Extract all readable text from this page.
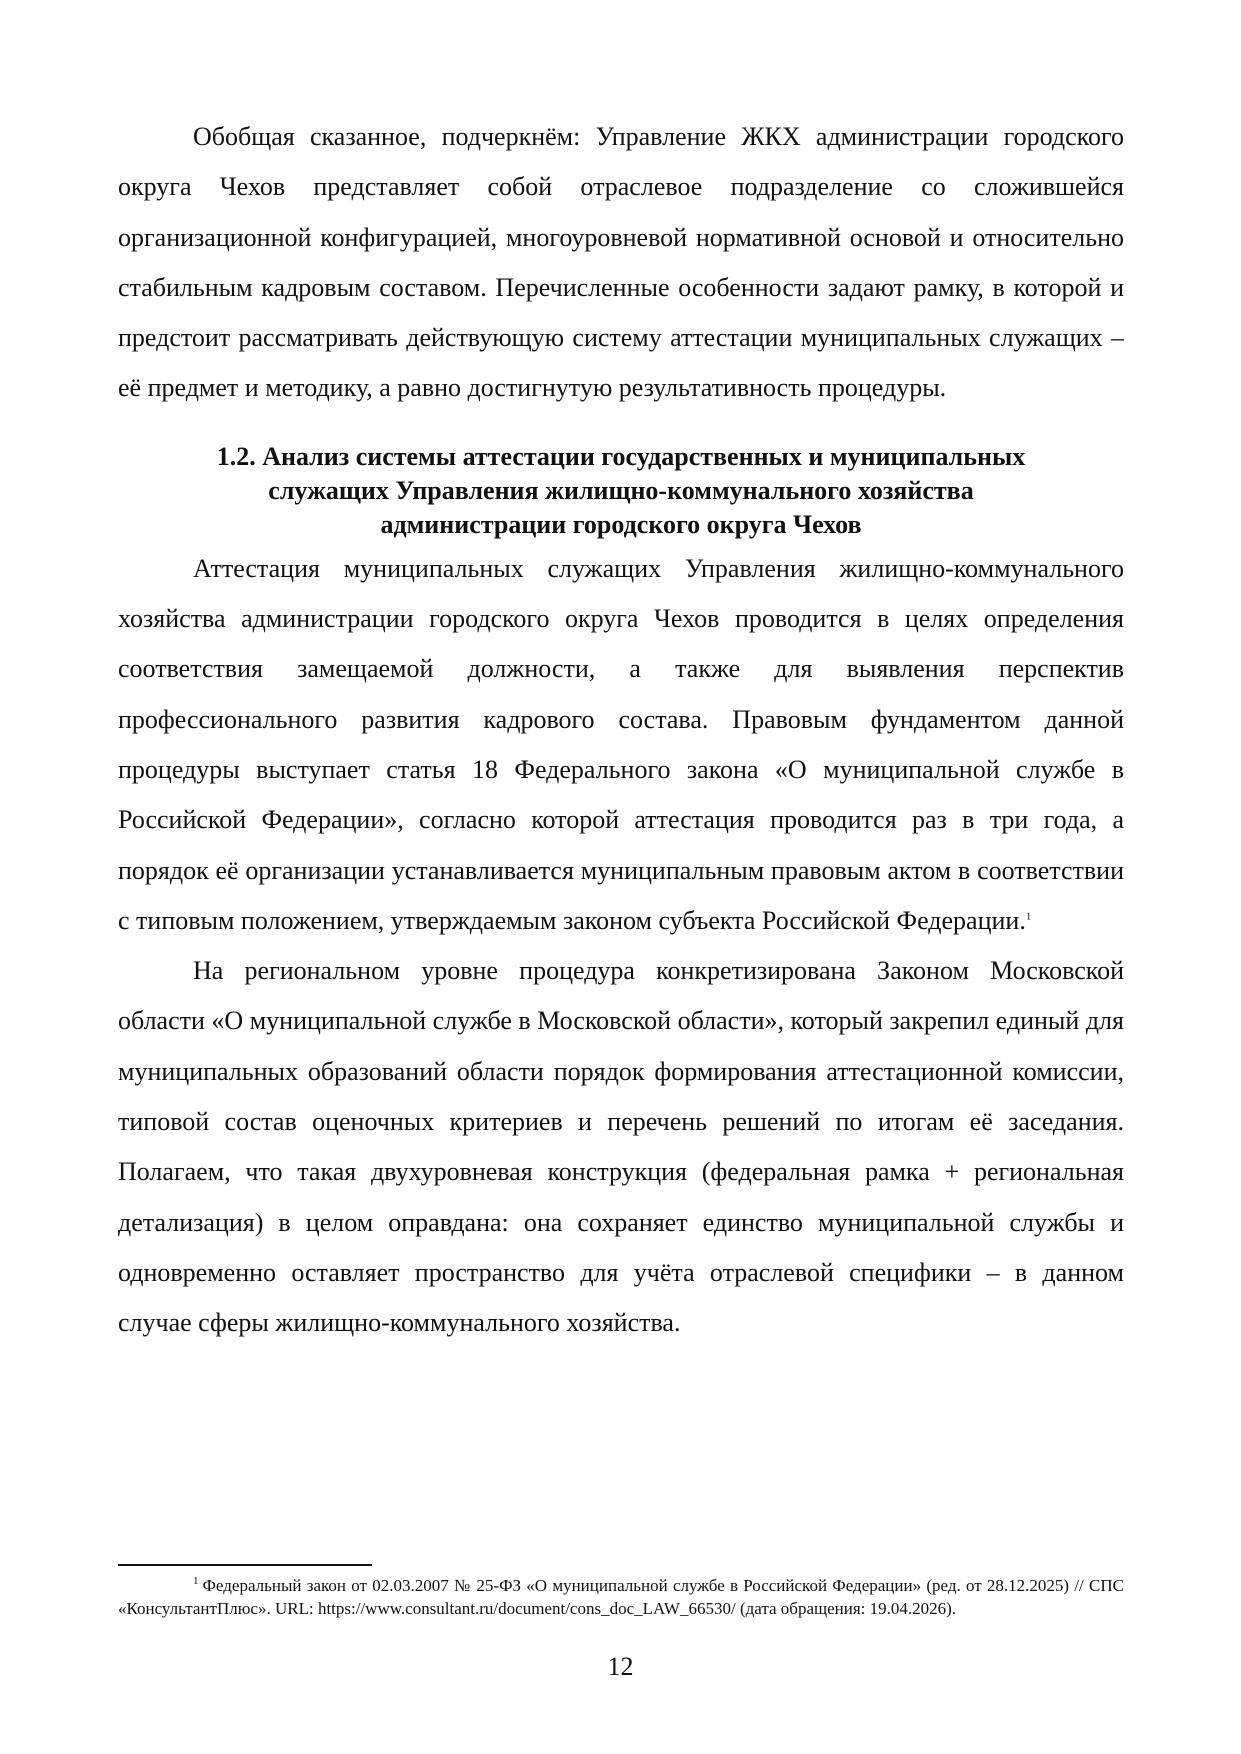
Обобщая сказанное, подчеркнём: Управление ЖКХ администрации городского округа Чехов представляет собой отраслевое подразделение со сложившейся организационной конфигурацией, многоуровневой нормативной основой и относительно стабильным кадровым составом. Перечисленные особенности задают рамку, в которой и предстоит рассматривать действующую систему аттестации муниципальных служащих – её предмет и методику, а равно достигнутую результативность процедуры.

1.2. Анализ системы аттестации государственных и муниципальных
служащих Управления жилищно-коммунального хозяйства
администрации городского округа Чехов

Аттестация муниципальных служащих Управления жилищно-коммунального хозяйства администрации городского округа Чехов проводится в целях определения соответствия замещаемой должности, а также для выявления перспектив профессионального развития кадрового состава. Правовым фундаментом данной процедуры выступает статья 18 Федерального закона «О муниципальной службе в Российской Федерации», согласно которой аттестация проводится раз в три года, а порядок её организации устанавливается муниципальным правовым актом в соответствии с типовым положением, утверждаемым законом субъекта Российской Федерации.$^1$

На региональном уровне процедура конкретизирована Законом Московской области «О муниципальной службе в Московской области», который закрепил единый для муниципальных образований области порядок формирования аттестационной комиссии, типовой состав оценочных критериев и перечень решений по итогам её заседания. Полагаем, что такая двухуровневая конструкция (федеральная рамка + региональная детализация) в целом оправдана: она сохраняет единство муниципальной службы и одновременно оставляет пространство для учёта отраслевой специфики – в данном случае сферы жилищно-коммунального хозяйства.

$^1$ Федеральный закон от 02.03.2007 № 25-ФЗ «О муниципальной службе в Российской Федерации» (ред. от 28.12.2025) // СПС «КонсультантПлюс». URL: https://www.consultant.ru/document/cons_doc_LAW_66530/ (дата обращения: 19.04.2026).

12
